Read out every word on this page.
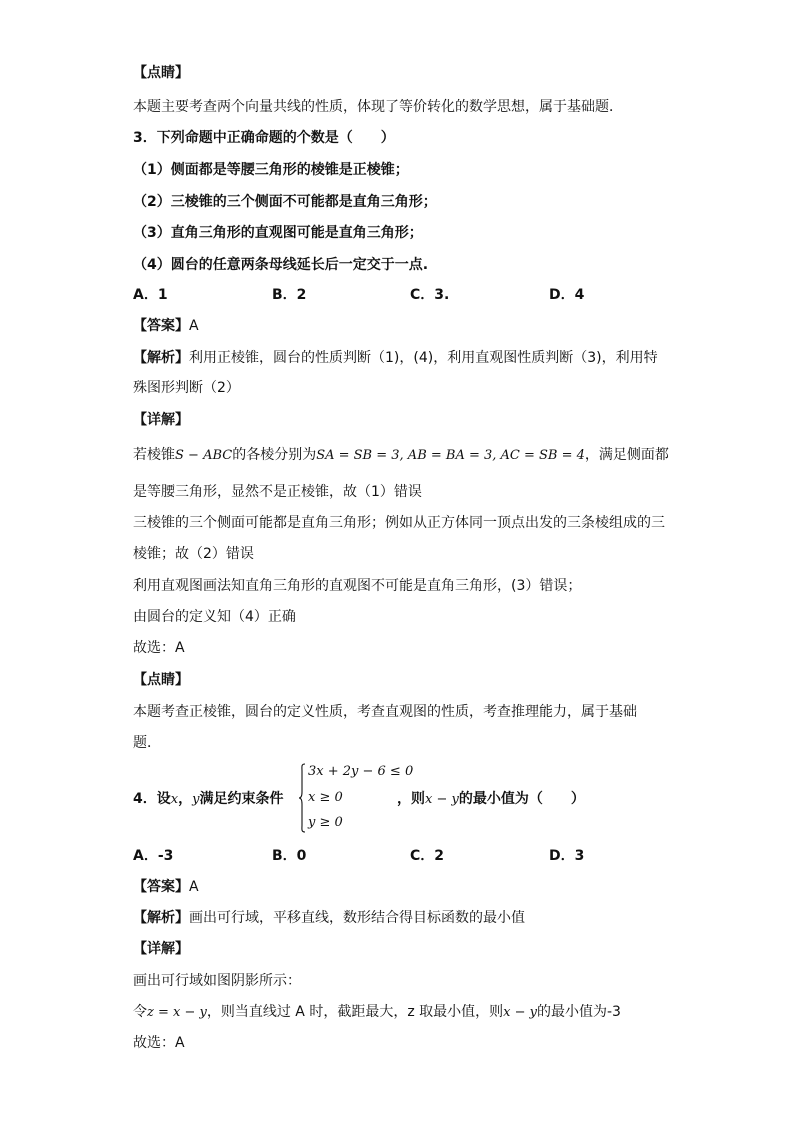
【点睛】
本题主要考查两个向量共线的性质，体现了等价转化的数学思想，属于基础题．
3．下列命题中正确命题的个数是（　　）
（1）侧面都是等腰三角形的棱锥是正棱锥；
（2）三棱锥的三个侧面不可能都是直角三角形；
（3）直角三角形的直观图可能是直角三角形；
（4）圆台的任意两条母线延长后一定交于一点.
A．1	B．2	C．3.	D．4
【答案】A
【解析】利用正棱锥，圆台的性质判断（1)，(4)，利用直观图性质判断（3)，利用特
殊图形判断（2）
【详解】
若棱锥S − ABC的各棱分别为SA = SB = 3, AB = BA = 3, AC = SB = 4，满足侧面都
是等腰三角形，显然不是正棱锥，故（1）错误
三棱锥的三个侧面可能都是直角三角形；例如从正方体同一顶点出发的三条棱组成的三
棱锥；故（2）错误
利用直观图画法知直角三角形的直观图不可能是直角三角形，(3）错误；
由圆台的定义知（4）正确
故选：A
【点睛】
本题考查正棱锥，圆台的定义性质，考查直观图的性质，考查推理能力，属于基础
题．
4．设x，y满足约束条件
3x + 2y − 6 ≤ 0
x ≥ 0
y ≥ 0
，则x − y的最小值为（　　）
A．-3	B．0	C．2	D．3
【答案】A
【解析】画出可行域，平移直线，数形结合得目标函数的最小值
【详解】
画出可行域如图阴影所示：
令z = x − y，则当直线过 A 时，截距最大，z 取最小值，则x − y的最小值为-3
故选：A
